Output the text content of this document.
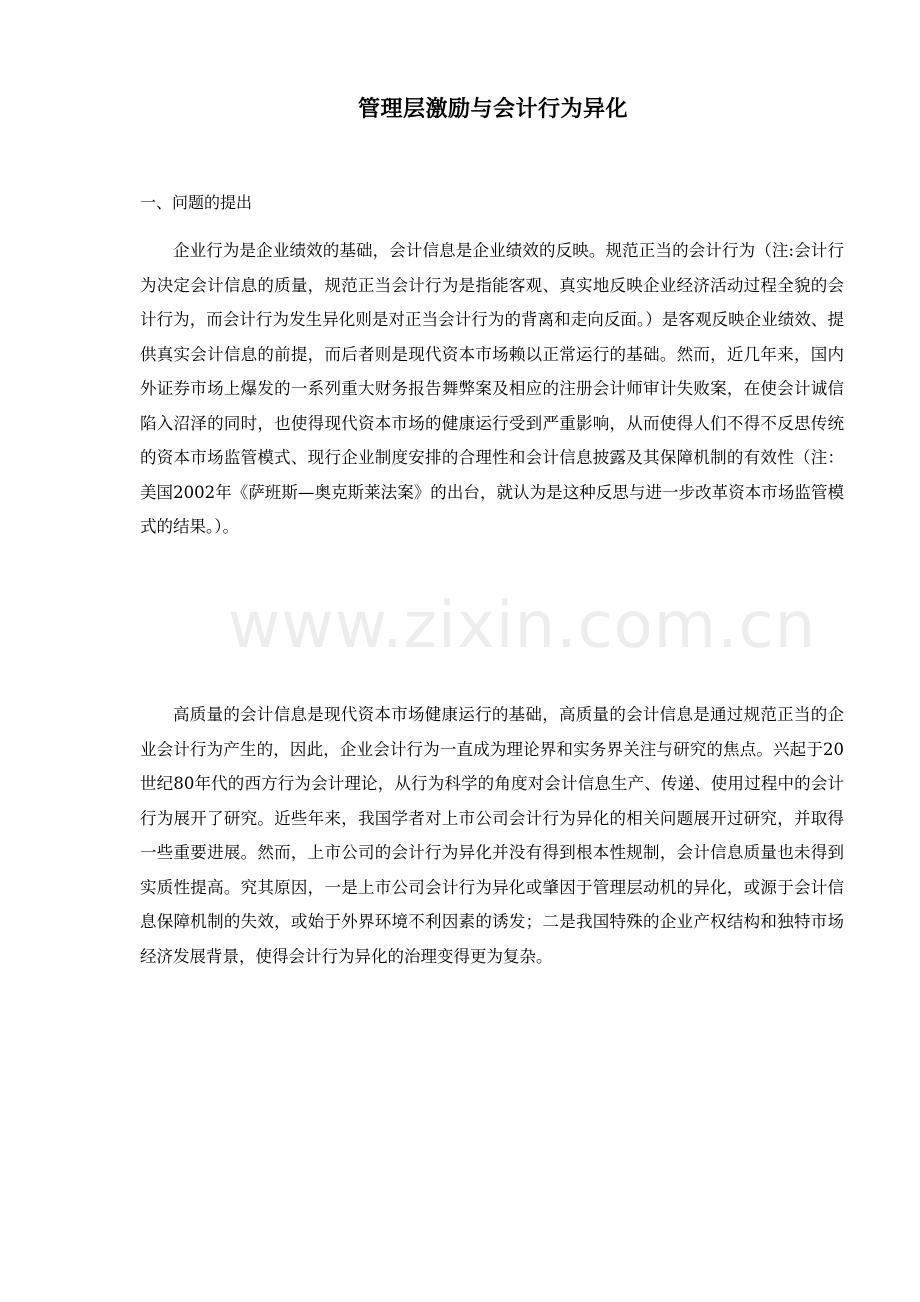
管理层激励与会计行为异化

一、问题的提出

企业行为是企业绩效的基础，会计信息是企业绩效的反映。规范正当的会计行为（注:会计行为决定会计信息的质量，规范正当会计行为是指能客观、真实地反映企业经济活动过程全貌的会计行为，而会计行为发生异化则是对正当会计行为的背离和走向反面。）是客观反映企业绩效、提供真实会计信息的前提，而后者则是现代资本市场赖以正常运行的基础。然而，近几年来，国内外证券市场上爆发的一系列重大财务报告舞弊案及相应的注册会计师审计失败案，在使会计诚信陷入沼泽的同时，也使得现代资本市场的健康运行受到严重影响，从而使得人们不得不反思传统的资本市场监管模式、现行企业制度安排的合理性和会计信息披露及其保障机制的有效性（注：美国2002年《萨班斯—奥克斯莱法案》的出台，就认为是这种反思与进一步改革资本市场监管模式的结果。）。

高质量的会计信息是现代资本市场健康运行的基础，高质量的会计信息是通过规范正当的企业会计行为产生的，因此，企业会计行为一直成为理论界和实务界关注与研究的焦点。兴起于20世纪80年代的西方行为会计理论，从行为科学的角度对会计信息生产、传递、使用过程中的会计行为展开了研究。近些年来，我国学者对上市公司会计行为异化的相关问题展开过研究，并取得一些重要进展。然而，上市公司的会计行为异化并没有得到根本性规制，会计信息质量也未得到实质性提高。究其原因，一是上市公司会计行为异化或肇因于管理层动机的异化，或源于会计信息保障机制的失效，或始于外界环境不利因素的诱发；二是我国特殊的企业产权结构和独特市场经济发展背景，使得会计行为异化的治理变得更为复杂。

www.zixin.com.cn
